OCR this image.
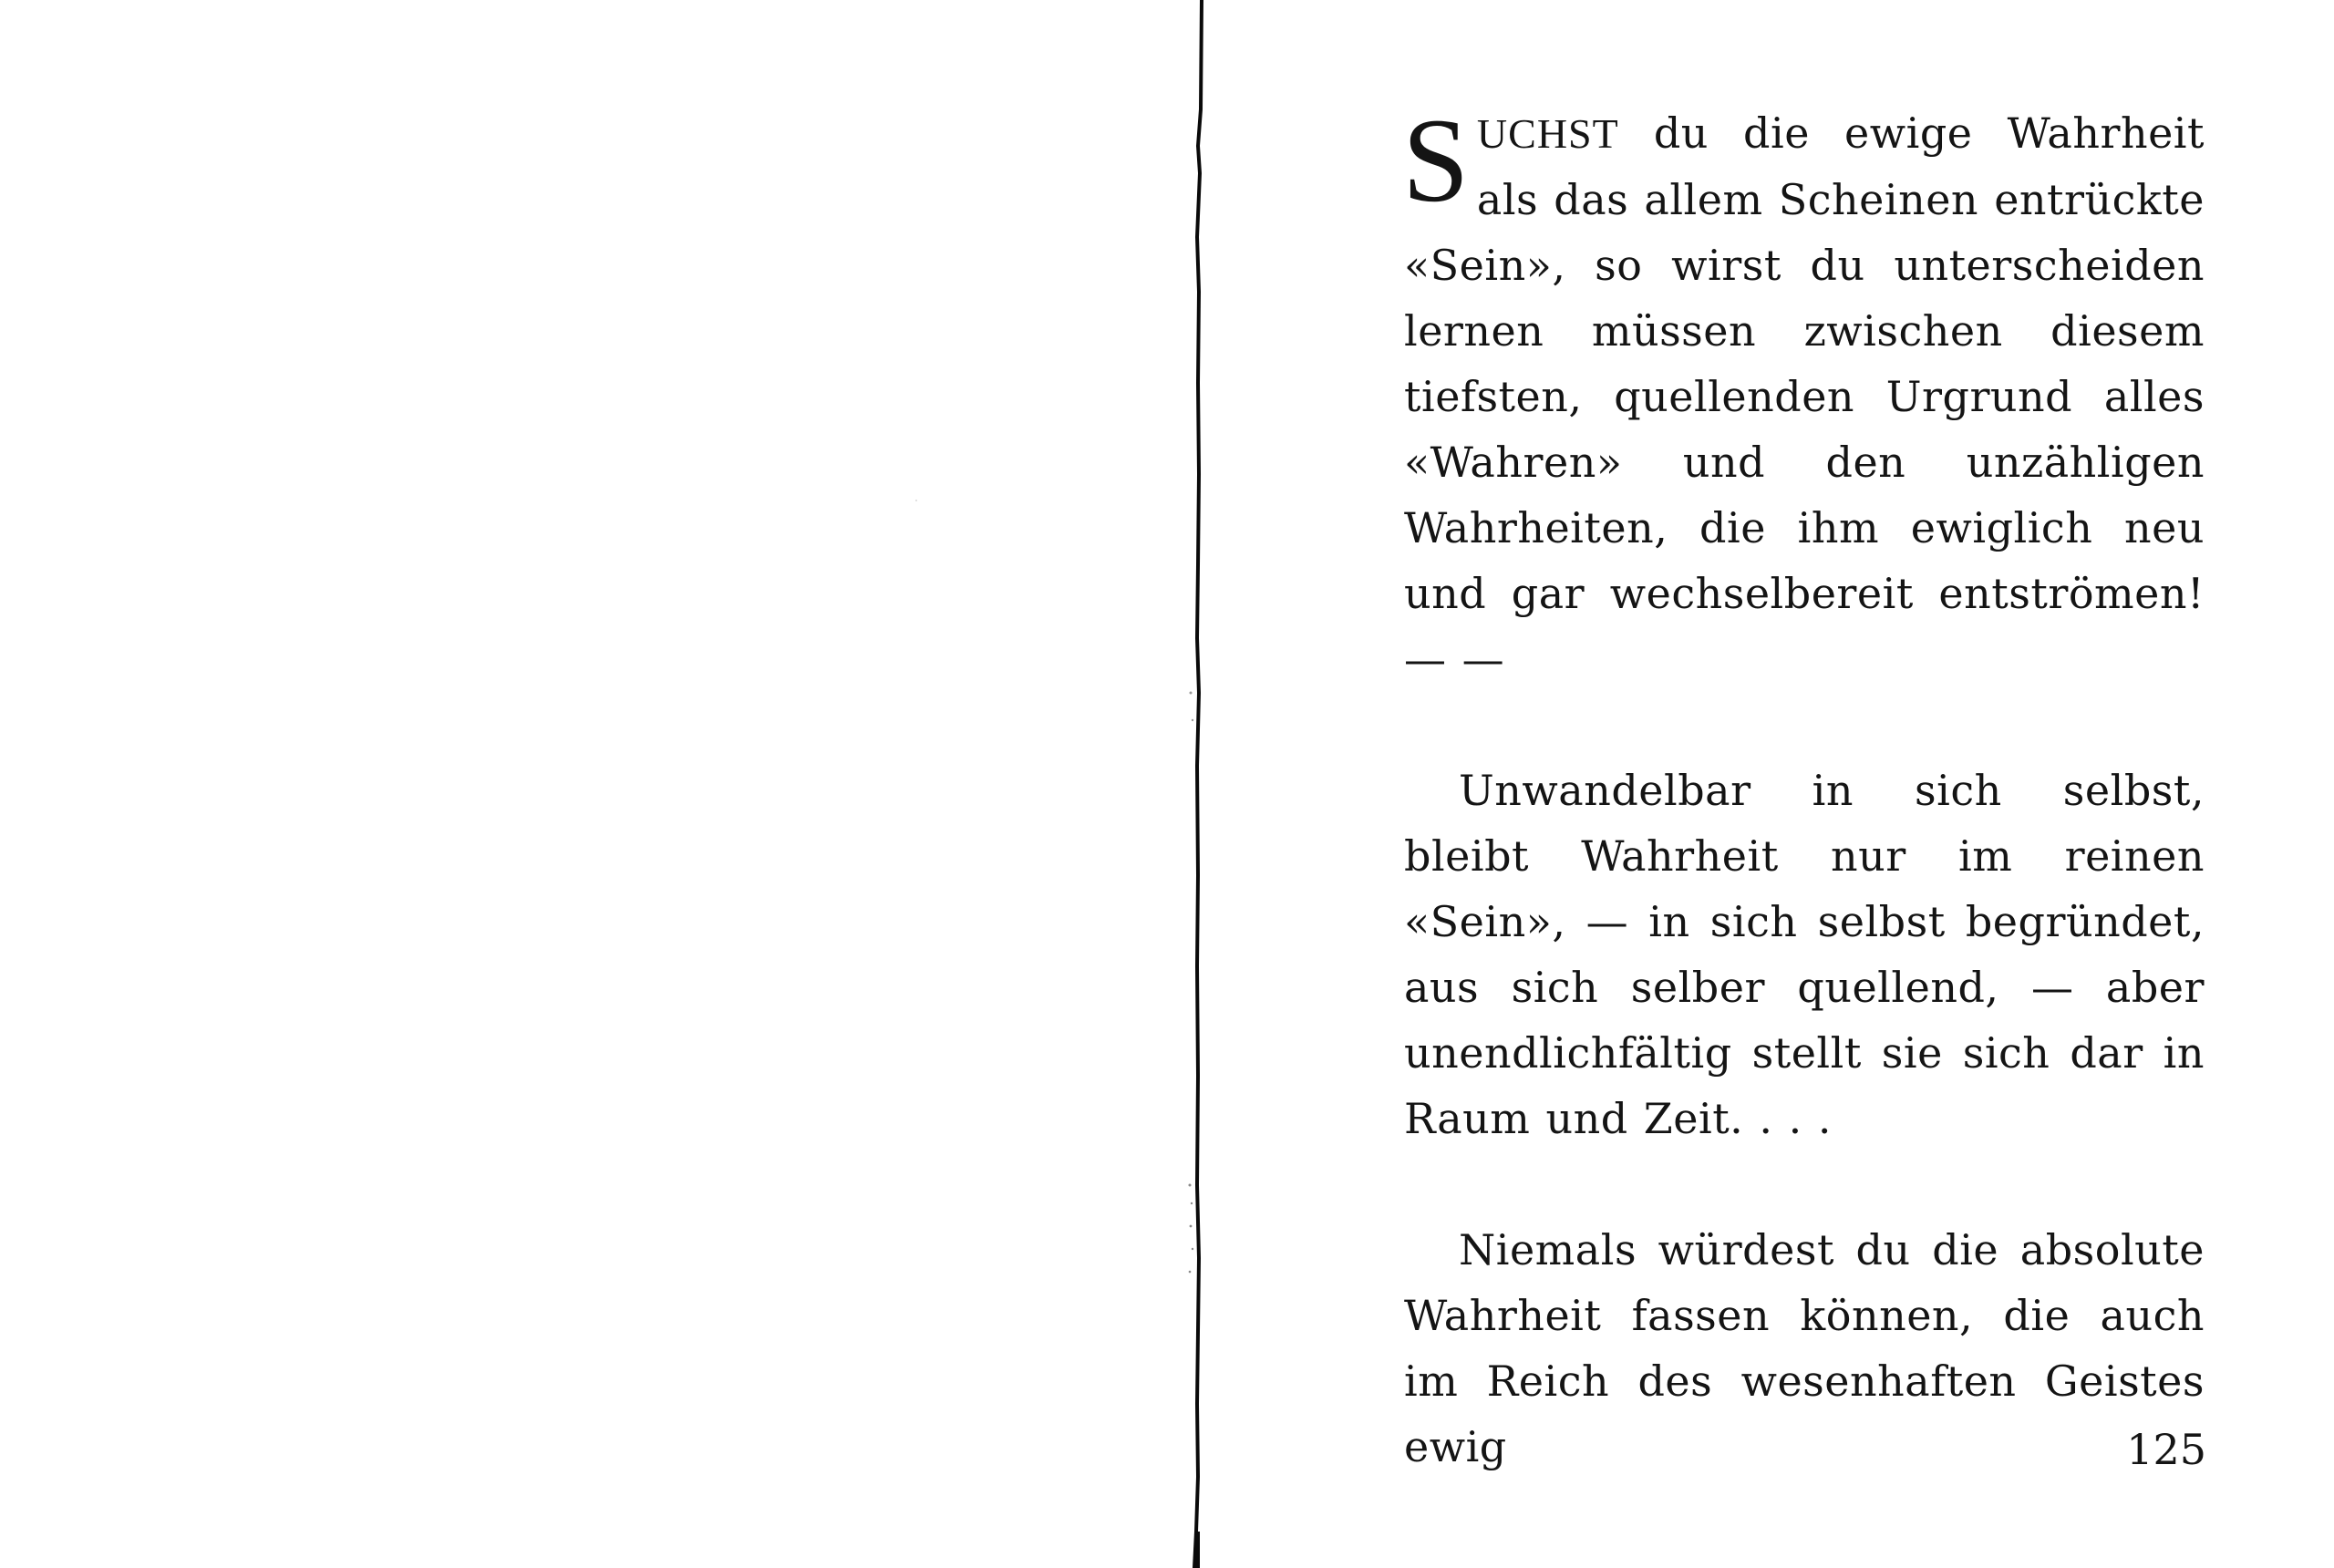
SUCHST du die ewige Wahrheit als das allem Scheinen entrückte «Sein», so wirst du unterscheiden lernen müssen zwischen diesem tiefsten, quellenden Urgrund alles «Wahren» und den unzähligen Wahrheiten, die ihm ewiglich neu und gar wechselbereit entströmen! — —

Unwandelbar in sich selbst, bleibt Wahrheit nur im reinen «Sein», — in sich selbst begründet, aus sich selber quellend, — aber unendlichfältig stellt sie sich dar in Raum und Zeit. . . .

Niemals würdest du die absolute Wahrheit fassen können, die auch im Reich des wesenhaften Geistes ewig	125
